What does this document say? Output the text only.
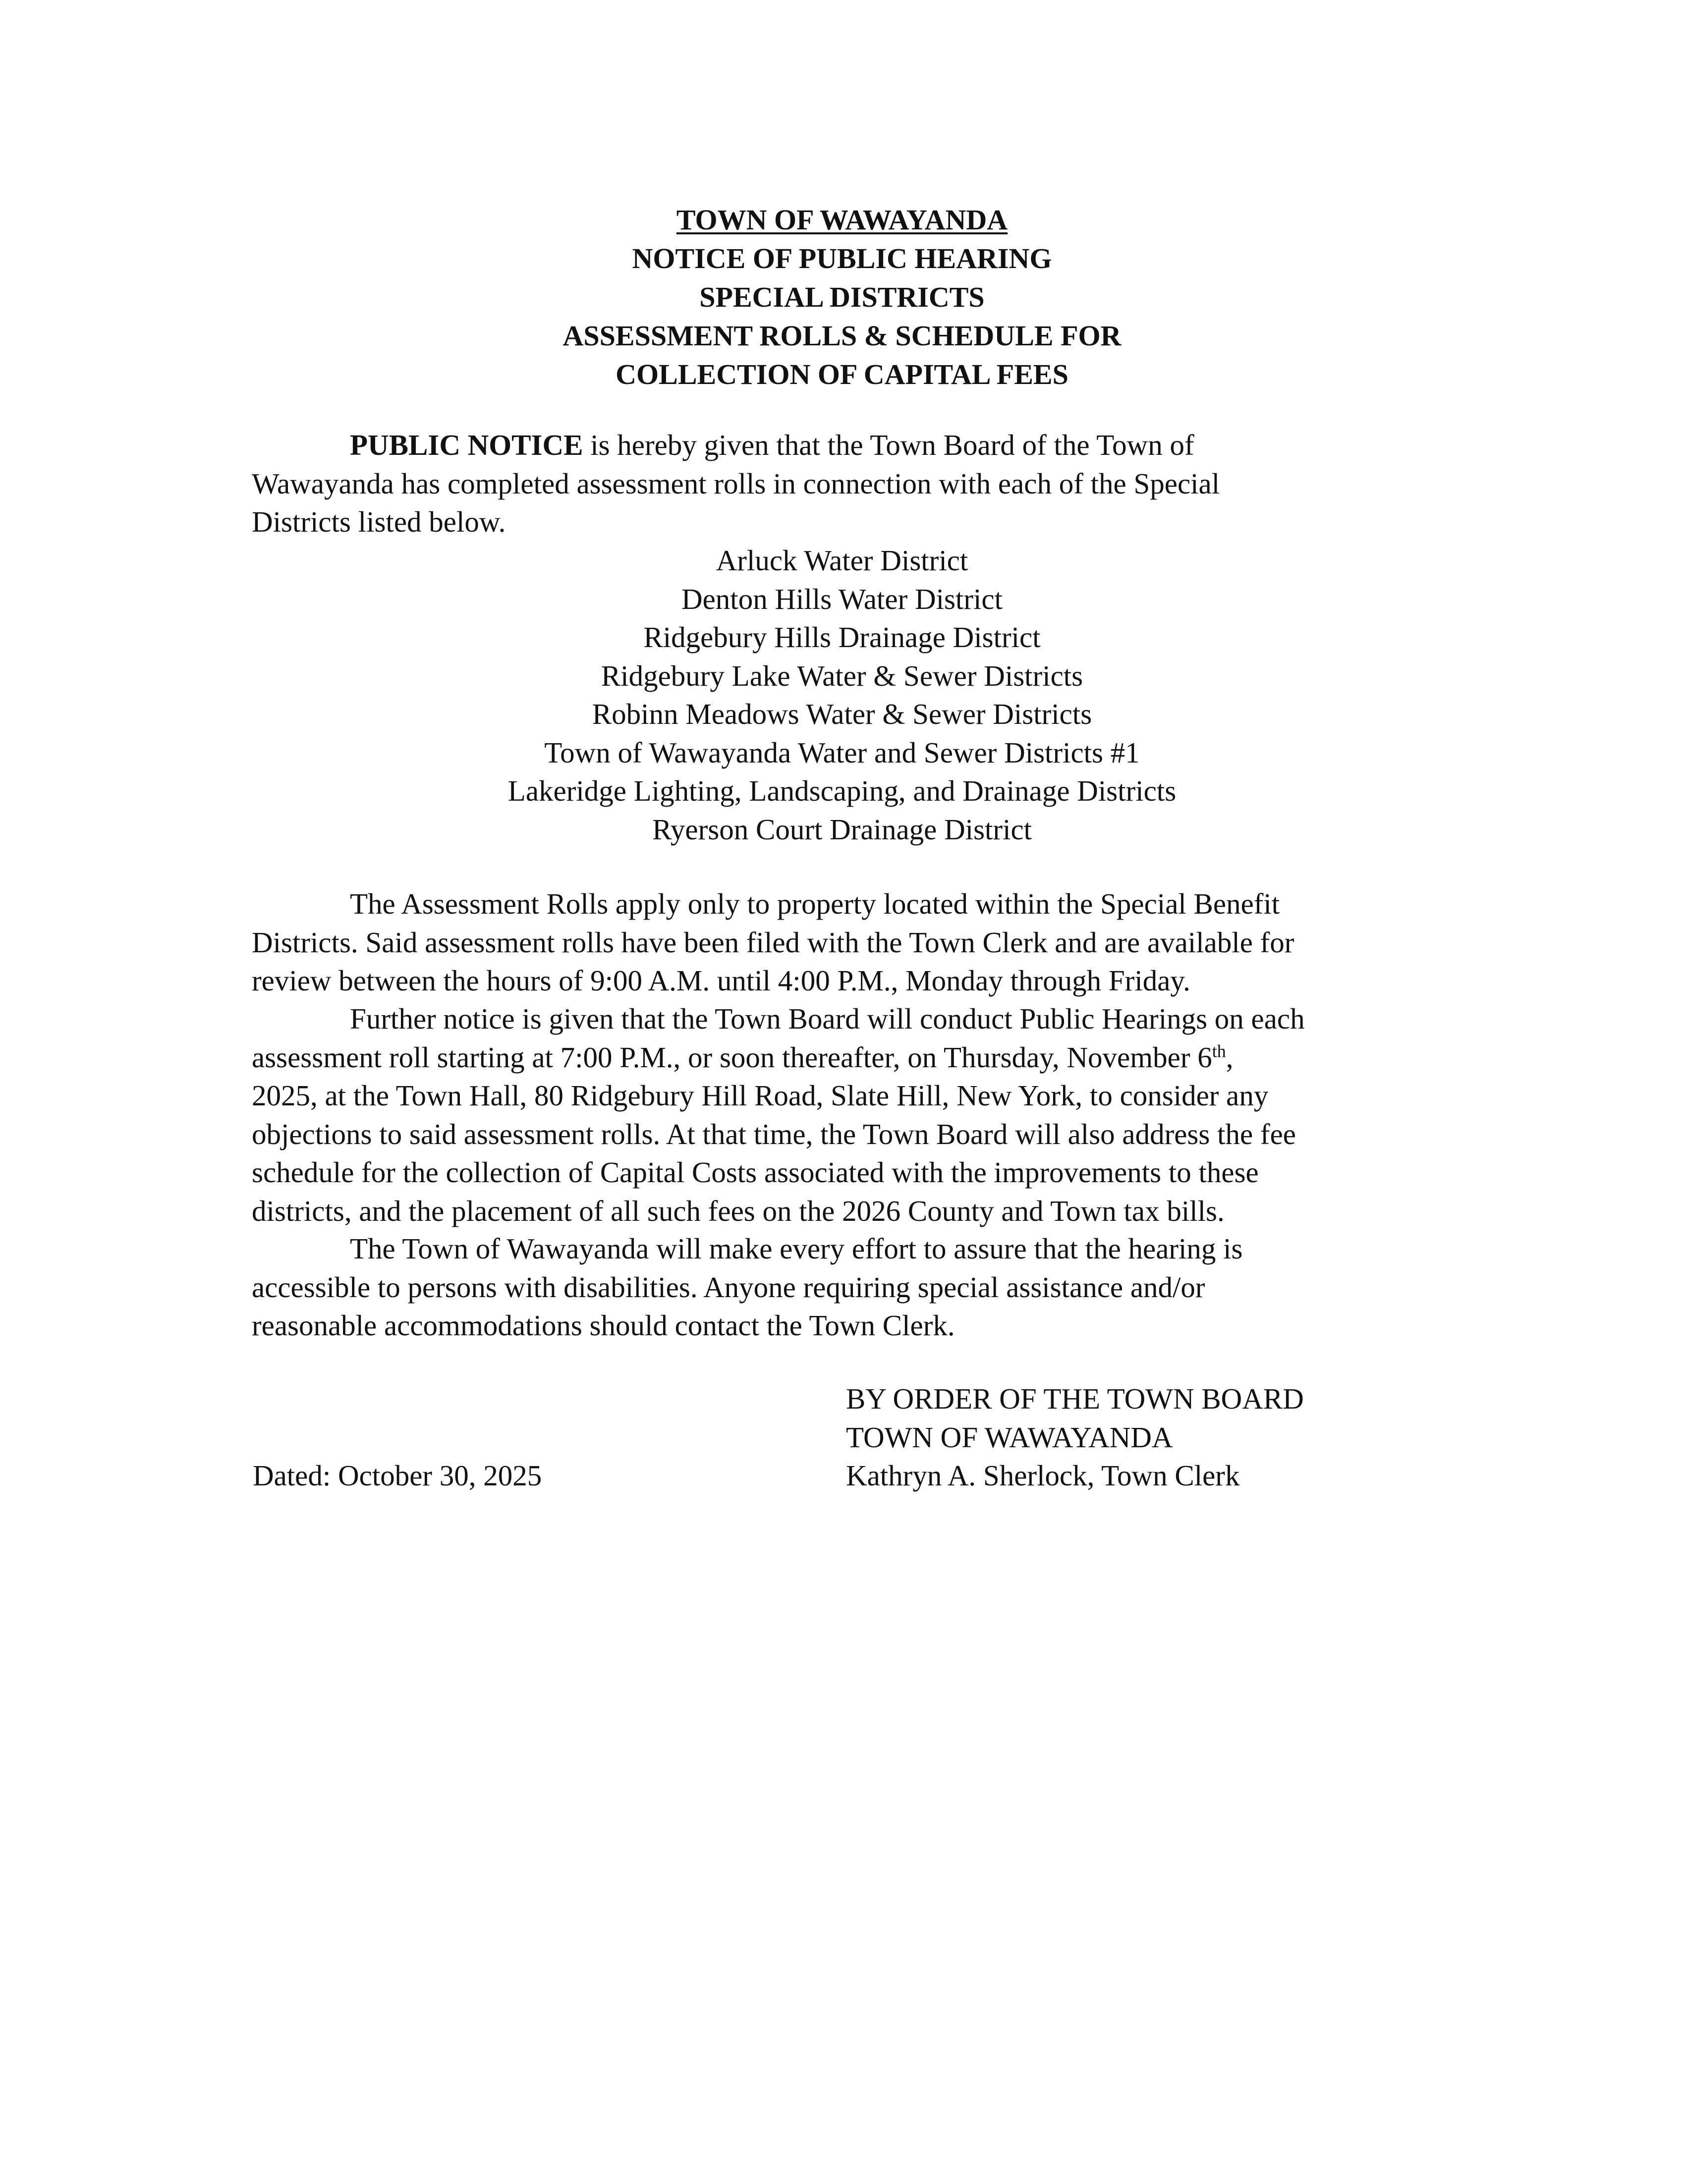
TOWN OF WAWAYANDA
NOTICE OF PUBLIC HEARING
SPECIAL DISTRICTS
ASSESSMENT ROLLS & SCHEDULE FOR
COLLECTION OF CAPITAL FEES
PUBLIC NOTICE is hereby given that the Town Board of the Town of
Wawayanda has completed assessment rolls in connection with each of the Special
Districts listed below.
Arluck Water District
Denton Hills Water District
Ridgebury Hills Drainage District
Ridgebury Lake Water & Sewer Districts
Robinn Meadows Water & Sewer Districts
Town of Wawayanda Water and Sewer Districts #1
Lakeridge Lighting, Landscaping, and Drainage Districts
Ryerson Court Drainage District
The Assessment Rolls apply only to property located within the Special Benefit
Districts. Said assessment rolls have been filed with the Town Clerk and are available for
review between the hours of 9:00 A.M. until 4:00 P.M., Monday through Friday.
Further notice is given that the Town Board will conduct Public Hearings on each
assessment roll starting at 7:00 P.M., or soon thereafter, on Thursday, November 6th,
2025, at the Town Hall, 80 Ridgebury Hill Road, Slate Hill, New York, to consider any
objections to said assessment rolls. At that time, the Town Board will also address the fee
schedule for the collection of Capital Costs associated with the improvements to these
districts, and the placement of all such fees on the 2026 County and Town tax bills.
The Town of Wawayanda will make every effort to assure that the hearing is
accessible to persons with disabilities. Anyone requiring special assistance and/or
reasonable accommodations should contact the Town Clerk.
BY ORDER OF THE TOWN BOARD
TOWN OF WAWAYANDA
Kathryn A. Sherlock, Town Clerk
Dated: October 30, 2025
